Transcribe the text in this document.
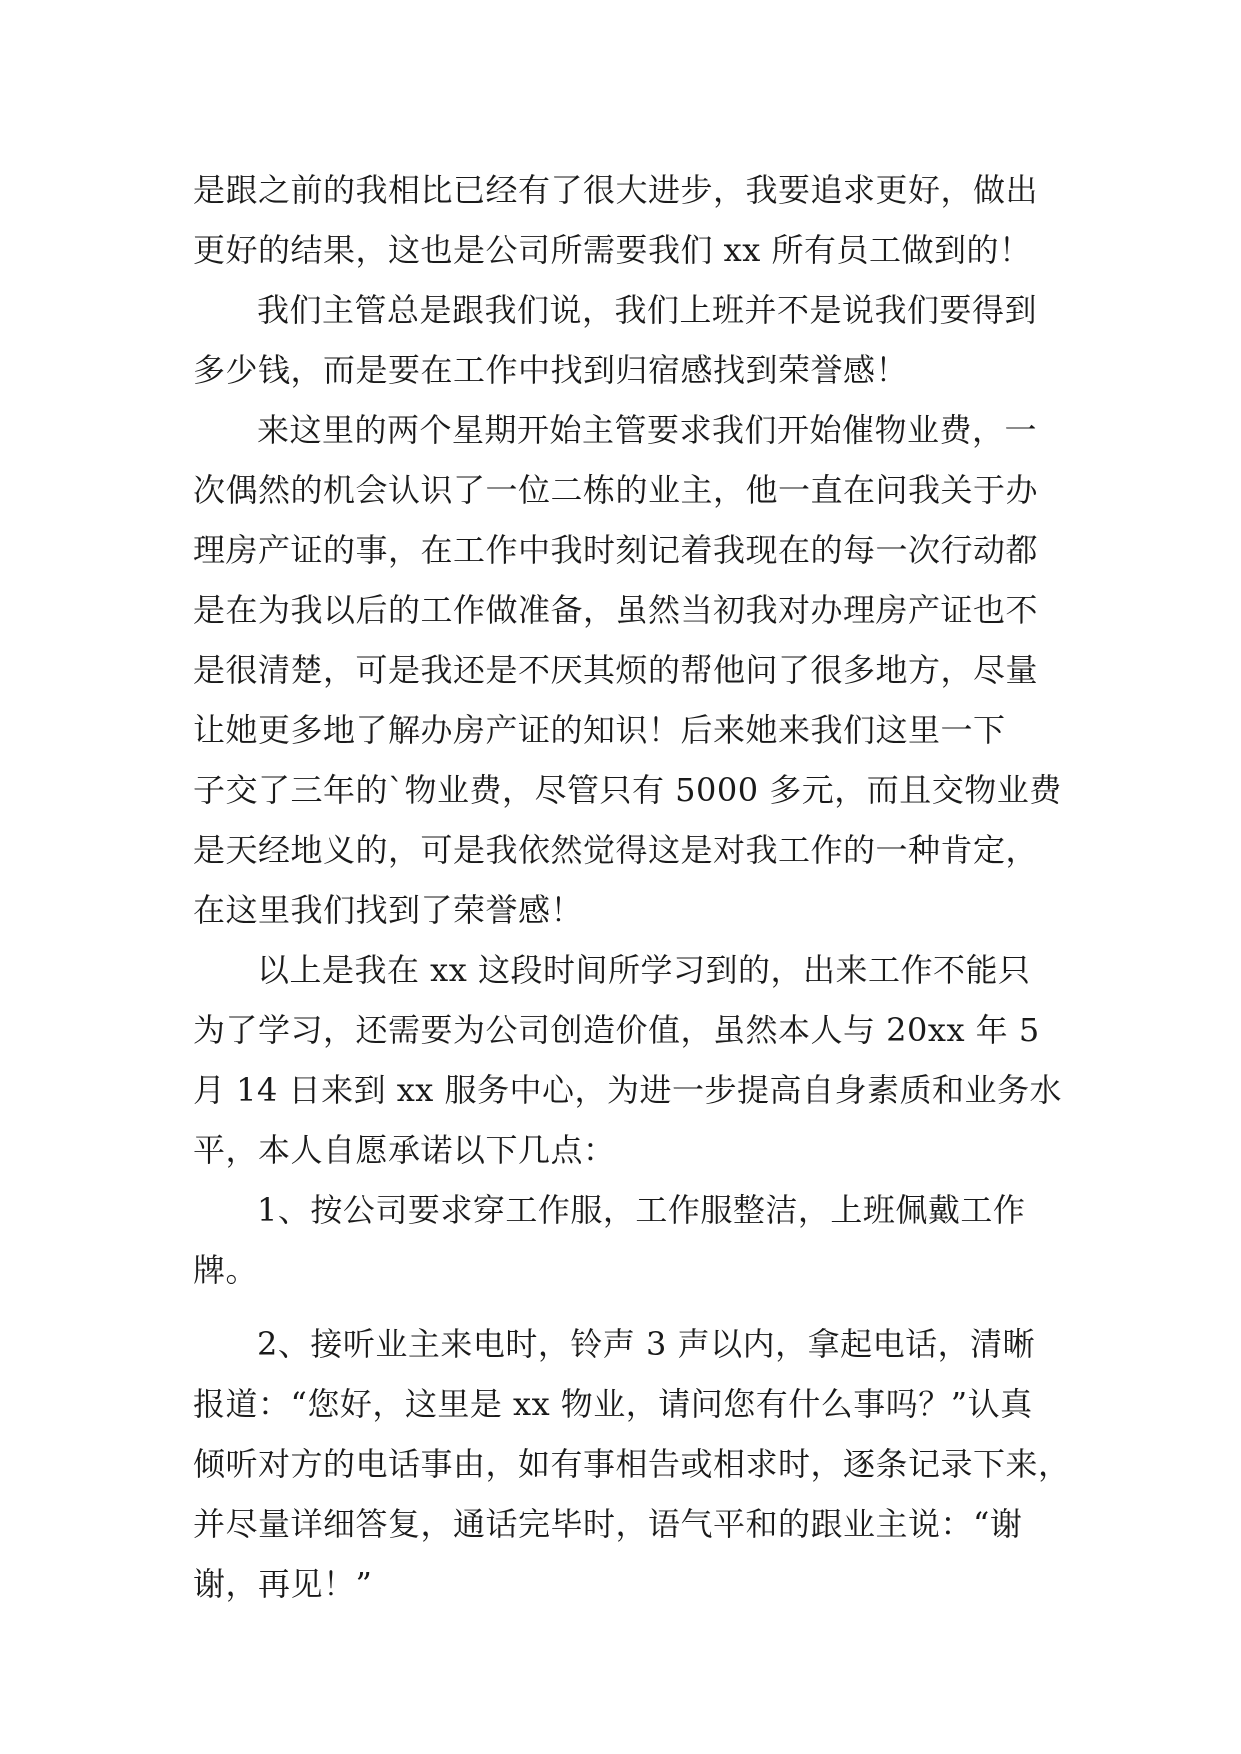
是跟之前的我相比已经有了很大进步，我要追求更好，做出
更好的结果，这也是公司所需要我们 xx 所有员工做到的！
我们主管总是跟我们说，我们上班并不是说我们要得到
多少钱，而是要在工作中找到归宿感找到荣誉感！
来这里的两个星期开始主管要求我们开始催物业费，一
次偶然的机会认识了一位二栋的业主，他一直在问我关于办
理房产证的事，在工作中我时刻记着我现在的每一次行动都
是在为我以后的工作做准备，虽然当初我对办理房产证也不
是很清楚，可是我还是不厌其烦的帮他问了很多地方，尽量
让她更多地了解办房产证的知识！后来她来我们这里一下
子交了三年的`物业费，尽管只有 5000 多元，而且交物业费
是天经地义的，可是我依然觉得这是对我工作的一种肯定，
在这里我们找到了荣誉感！
以上是我在 xx 这段时间所学习到的，出来工作不能只
为了学习，还需要为公司创造价值，虽然本人与 20xx 年 5
月 14 日来到 xx 服务中心，为进一步提高自身素质和业务水
平，本人自愿承诺以下几点：
1、按公司要求穿工作服，工作服整洁，上班佩戴工作
牌。
2、接听业主来电时，铃声 3 声以内，拿起电话，清晰
报道：“您好，这里是 xx 物业，请问您有什么事吗？”认真
倾听对方的电话事由，如有事相告或相求时，逐条记录下来，
并尽量详细答复，通话完毕时，语气平和的跟业主说：“谢
谢，再见！”
